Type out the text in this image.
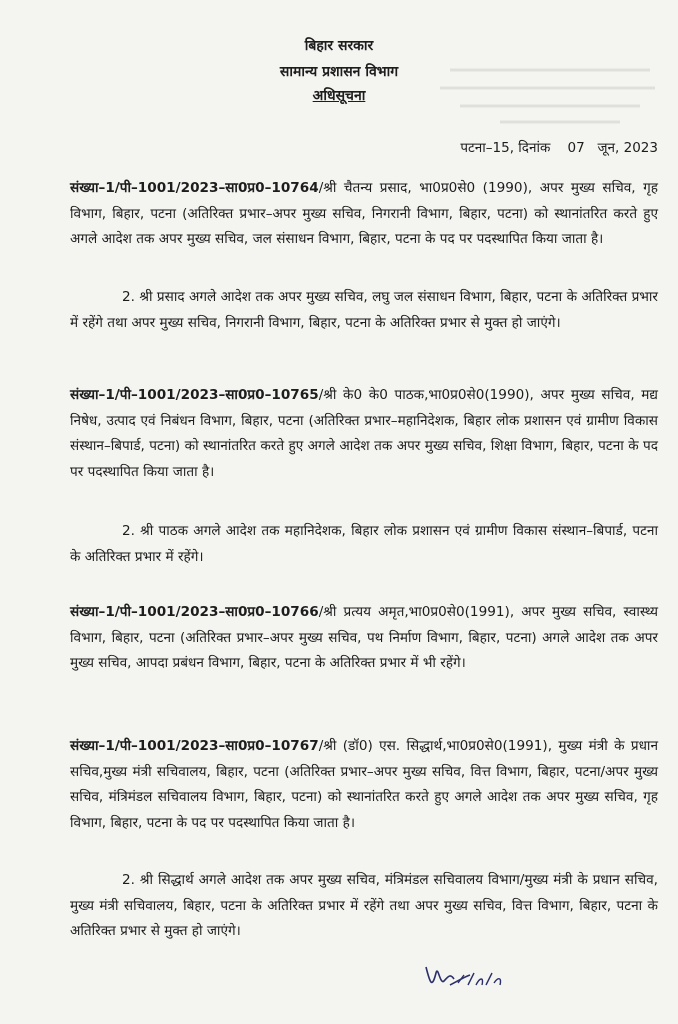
बिहार सरकार
सामान्य प्रशासन विभाग
अधिसूचना
पटना–15, दिनांक    07   जून, 2023
संख्या–1/पी–1001/2023–सा0प्र0–10764/श्री चैतन्य प्रसाद, भा0प्र0से0 (1990), अपर मुख्य सचिव, गृह विभाग, बिहार, पटना (अतिरिक्त प्रभार–अपर मुख्य सचिव, निगरानी विभाग, बिहार, पटना) को स्थानांतरित करते हुए अगले आदेश तक अपर मुख्य सचिव, जल संसाधन विभाग, बिहार, पटना के पद पर पदस्थापित किया जाता है।
2. श्री प्रसाद अगले आदेश तक अपर मुख्य सचिव, लघु जल संसाधन विभाग, बिहार, पटना के अतिरिक्त प्रभार में रहेंगे तथा अपर मुख्य सचिव, निगरानी विभाग, बिहार, पटना के अतिरिक्त प्रभार से मुक्त हो जाएंगे।
संख्या–1/पी–1001/2023–सा0प्र0–10765/श्री के0 के0 पाठक,भा0प्र0से0(1990), अपर मुख्य सचिव, मद्य निषेध, उत्पाद एवं निबंधन विभाग, बिहार, पटना (अतिरिक्त प्रभार–महानिदेशक, बिहार लोक प्रशासन एवं ग्रामीण विकास संस्थान–बिपार्ड, पटना) को स्थानांतरित करते हुए अगले आदेश तक अपर मुख्य सचिव, शिक्षा विभाग, बिहार, पटना के पद पर पदस्थापित किया जाता है।
2. श्री पाठक अगले आदेश तक महानिदेशक, बिहार लोक प्रशासन एवं ग्रामीण विकास संस्थान–बिपार्ड, पटना के अतिरिक्त प्रभार में रहेंगे।
संख्या–1/पी–1001/2023–सा0प्र0–10766/श्री प्रत्यय अमृत,भा0प्र0से0(1991), अपर मुख्य सचिव, स्वास्थ्य विभाग, बिहार, पटना (अतिरिक्त प्रभार–अपर मुख्य सचिव, पथ निर्माण विभाग, बिहार, पटना) अगले आदेश तक अपर मुख्य सचिव, आपदा प्रबंधन विभाग, बिहार, पटना के अतिरिक्त प्रभार में भी रहेंगे।
संख्या–1/पी–1001/2023–सा0प्र0–10767/श्री (डॉ0) एस. सिद्धार्थ,भा0प्र0से0(1991), मुख्य मंत्री के प्रधान सचिव,मुख्य मंत्री सचिवालय, बिहार, पटना (अतिरिक्त प्रभार–अपर मुख्य सचिव, वित्त विभाग, बिहार, पटना/अपर मुख्य सचिव, मंत्रिमंडल सचिवालय विभाग, बिहार, पटना) को स्थानांतरित करते हुए अगले आदेश तक अपर मुख्य सचिव, गृह विभाग, बिहार, पटना के पद पर पदस्थापित किया जाता है।
2. श्री सिद्धार्थ अगले आदेश तक अपर मुख्य सचिव, मंत्रिमंडल सचिवालय विभाग/मुख्य मंत्री के प्रधान सचिव, मुख्य मंत्री सचिवालय, बिहार, पटना के अतिरिक्त प्रभार में रहेंगे तथा अपर मुख्य सचिव, वित्त विभाग, बिहार, पटना के अतिरिक्त प्रभार से मुक्त हो जाएंगे।
